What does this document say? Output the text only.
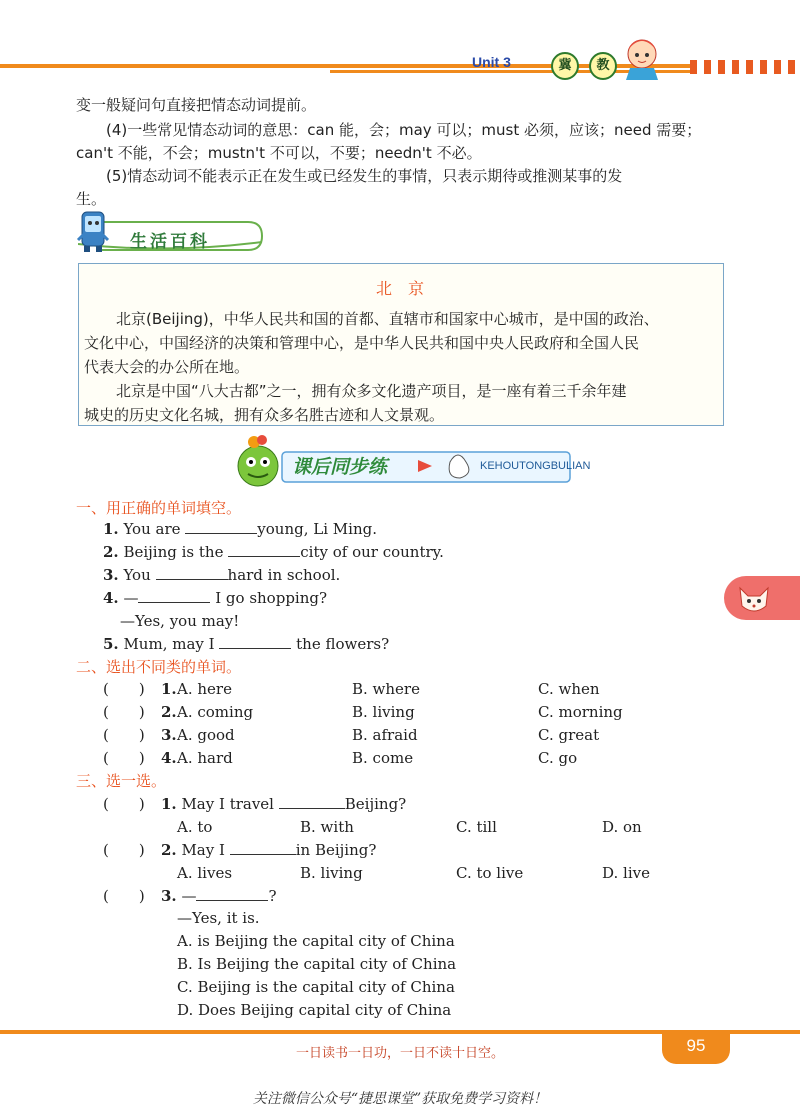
Unit 3	冀	教
变一般疑问句直接把情态动词提前。
(4)一些常见情态动词的意思：can 能，会；may 可以；must 必须，应该；need 需要；
can't 不能，不会；mustn't 不可以，不要；needn't 不必。
(5)情态动词不能表示正在发生或已经发生的事情，只表示期待或推测某事的发
生。
生活百科
北　京
北京(Beijing)，中华人民共和国的首都、直辖市和国家中心城市，是中国的政治、
文化中心，中国经济的决策和管理中心，是中华人民共和国中央人民政府和全国人民
代表大会的办公所在地。
北京是中国“八大古都”之一，拥有众多文化遗产项目，是一座有着三千余年建
城史的历史文化名城，拥有众多名胜古迹和人文景观。
课后同步练	KEHOUTONGBULIAN
一、用正确的单词填空。
1. You are	young, Li Ming.
2. Beijing is the	city of our country.
3. You	hard in school.
4. —	I go shopping?
—Yes, you may!
5. Mum, may I	the flowers?
二、选出不同类的单词。
(　　) 1. A. here	B. where	C. when
(　　) 2. A. coming	B. living	C. morning
(　　) 3. A. good	B. afraid	C. great
(　　) 4. A. hard	B. come	C. go
三、选一选。
(　　) 1. May I travel	Beijing?
A. to	B. with	C. till	D. on
(　　) 2. May I	in Beijing?
A. lives	B. living	C. to live	D. live
(　　) 3. —	?
—Yes, it is.
A. is Beijing the capital city of China
B. Is Beijing the capital city of China
C. Beijing is the capital city of China
D. Does Beijing capital city of China
95
一日读书一日功，一日不读十日空。
关注微信公众号“捷思课堂”获取免费学习资料！
